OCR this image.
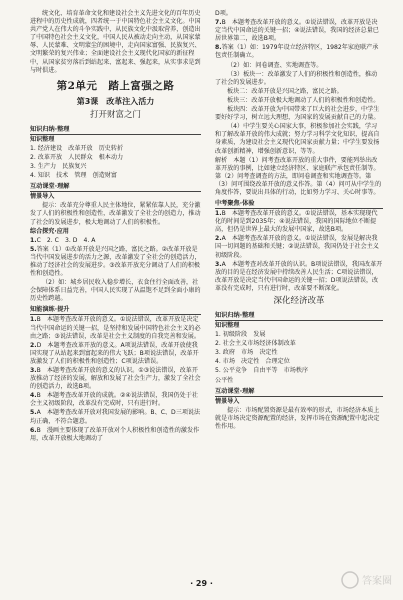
统文化、培育革命文化和建设社会主义先进文化的百年历史进程中的历史性成就，四者统一于中国特色社会主义文化。中国共产党人在伟大的斗争实践中，从民族文化中汲取营养，创造出了中国特色社会主义文化，中国人民从被动走向主动，从国家蒙辱、人民蒙难、文明蒙尘的困境中，走向国家富强、民族复兴、文明繁荣的复兴伟业；全面建设社会主义现代化国家的新征程中，从国家贫穷落后到站起来、富起来、强起来，从实事求是到与时俱进。

第2单元　踏上富强之路
第3课　改革注入活力
打开财富之门
知识归纳·整理
知识整理
1. 经济建设　改革开放　历史转折
2. 改革开放　人民群众　根本动力
3. 生产力　民族复兴
4. 知识　技术　管理　创造财富
互动课堂·理解
情景导入

提示：改革充分尊重人民主体地位，紧紧依靠人民，充分激发了人们的积极性和创造性，改革激发了全社会的创造力，推动了社会的发展进步，极大地调动了人们的积极性。

综合探究·应用

1.C　2. C　3. D　4. A

5.答案（1）①改革开放是兴国之路，富民之路。②改革开放是当代中国发展进步的活力之源，改革激发了全社会的创造活力，推动了经济社会的发展进步。③改革开放充分调动了人们的积极性和创造性。

（2）如：城乡居民收入稳步增长，衣食住行全面改善，社会保障体系日益完善，中国人民实现了从温饱不足到全面小康的历史性跨越。

知能演练·提升

1.B　本题考查改革开放的意义。①说法错误，改革开放是决定当代中国命运的关键一招，是坚持和发展中国特色社会主义的必由之路；③说法错误，改革是社会主义制度的自我完善和发展。

2.D　本题考查改革开放的意义。A项说法错误，改革开放使我国实现了从站起来到富起来的伟大飞跃；B项说法错误，改革开放激发了人们的积极性和创造性；C项说法错误。

3.B　本题考查改革开放的意义的认识。①③说法错误，改革开放推动了经济的发展，解放和发展了社会生产力，激发了全社会的创造活力，故选B项。

4.B　本题考查改革开放的成就。②④说法错误，我国仍处于社会主义初级阶段，改革没有完成时，只有进行时。

5.A　本题考查改革开放对我国发展的影响。B、C、D三项说法均正确，不符合题意。

6.B　漫画主要体现了改革开放对个人积极性和创造性的激发作用，改革开放极大地调动了

D项。

7.B　本题考查改革开放的意义。①说法错误，改革开放是决定当代中国命运的关键一招；④说法错误，我国的经济总量已居世界第二，故选B项。

8.答案（1）如：1979年设立经济特区，1982年家庭联产承包责任制确立。

（2）如：问卷调查、实地调查等。

（3）板块一：改革激发了人们的积极性和创造性，推动了社会的发展进步。

板块二：改革开放是兴国之路，富民之路。

板块三：改革开放极大地调动了人们的积极性和创造性。

板块四：改革开放为中国带来了巨大的社会进步，中学生要好好学习，树立远大理想，为国家的发展贡献自己的力量。

（4）中学生要关心国家大事，积极参加社会实践，学习和了解改革开放的伟大成就；努力学习科学文化知识，提高自身素质，为建设社会主义现代化国家贡献力量；中学生要发扬改革创新精神，增强创新意识，等等。

解析　本题（1）问考查改革开放的重大事件，要能列举出改革开放的事例，比如建立经济特区、家庭联产承包责任制等。第（2）问考查调查的方法，即问卷调查和实地调查等。第（3）问可围绕改革开放的意义作答。第（4）问可从中学生的角度作答，要说出具体的行动，比如努力学习、关心时事等。

中考聚焦·体验

1.B　本题考查改革开放的意义。①说法错误，基本实现现代化的时间是到2035年；④说法错误，我国的国际地位不断提高，但仍是世界上最大的发展中国家，故选B项。

2.A　本题考查改革开放的意义。①说法错误，发展是解决我国一切问题的基础和关键；②说法错误，我国仍处于社会主义初级阶段。

3.A　本题考查对改革开放的认识。B项说法错误，我国改革开放的目的是在经济发展中持续改善人民生活；C项说法错误，改革开放是决定当代中国命运的关键一招；D项说法错误，改革没有完成时，只有进行时，改革要不断深化。

深化经济改革
知识归纳·整理
知识整理
1. 初级阶段　发展
2. 社会主义市场经济体制改革
3. 政府　市场　决定性
4. 市场　决定性　合理定位
5. 公平竞争　自由平等　市场秩序
公平性
互动课堂·理解
情景导入

提示：市场配置资源是最有效率的形式，市场经济本质上就是市场决定资源配置的经济，发挥市场在资源配置中起决定性作用。

· 29 ·	答案圈
